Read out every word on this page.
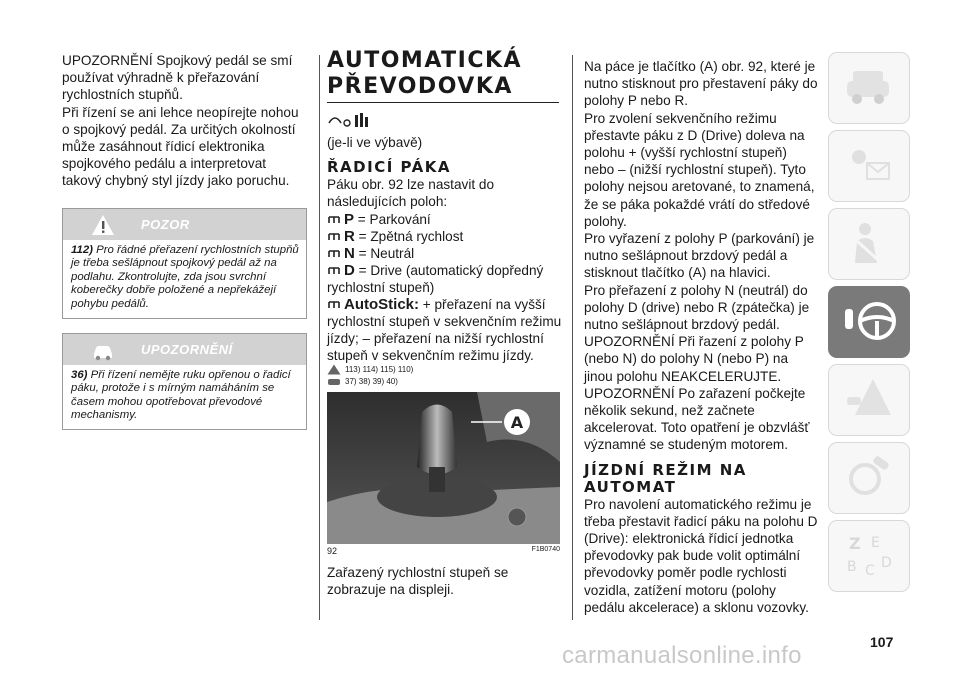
UPOZORNĚNÍ Spojkový pedál se smí používat výhradně k přeřazování rychlostních stupňů.

Při řízení se ani lehce neopírejte nohou o spojkový pedál. Za určitých okolností může zasáhnout řídicí elektronika spojkového pedálu a interpretovat takový chybný styl jízdy jako poruchu.

POZOR
112) Pro řádné přeřazení rychlostních stupňů je třeba sešlápnout spojkový pedál až na podlahu. Zkontrolujte, zda jsou svrchní koberečky dobře položené a nepřekážejí pohybu pedálů.
UPOZORNĚNÍ
36) Při řízení nemějte ruku opřenou o řadicí páku, protože i s mírným namáháním se časem mohou opotřebovat převodové mechanismy.
AUTOMATICKÁ PŘEVODOVKA

(je-li ve výbavě)

ŘADICÍ PÁKA

Páku obr. 92 lze nastavit do následujících poloh:

P = Parkování

R = Zpětná rychlost

N = Neutrál

D = Drive (automatický dopředný rychlostní stupeň)

AutoStick: + přeřazení na vyšší rychlostní stupeň v sekvenčním režimu jízdy; – přeřazení na nižší rychlostní stupeň v sekvenčním režimu jízdy.

113) 114) 115) 110)
37) 38) 39) 40)
A
92	F1B0740

Zařazený rychlostní stupeň se zobrazuje na displeji.

Na páce je tlačítko (A) obr. 92, které je nutno stisknout pro přestavení páky do polohy P nebo R.

Pro zvolení sekvenčního režimu přestavte páku z D (Drive) doleva na polohu + (vyšší rychlostní stupeň) nebo – (nižší rychlostní stupeň). Tyto polohy nejsou aretované, to znamená, že se páka pokaždé vrátí do středové polohy.

Pro vyřazení z polohy P (parkování) je nutno sešlápnout brzdový pedál a stisknout tlačítko (A) na hlavici.

Pro přeřazení z polohy N (neutrál) do polohy D (drive) nebo R (zpátečka) je nutno sešlápnout brzdový pedál.

UPOZORNĚNÍ Při řazení z polohy P (nebo N) do polohy N (nebo P) na jinou polohu NEAKCELERUJTE.

UPOZORNĚNÍ Po zařazení počkejte několik sekund, než začnete akcelerovat. Toto opatření je obzvlášť významné se studeným motorem.

JÍZDNÍ REŽIM NA AUTOMAT

Pro navolení automatického režimu je třeba přestavit řadicí páku na polohu D (Drive): elektronická řídicí jednotka převodovky pak bude volit optimální převodovky poměr podle rychlosti vozidla, zatížení motoru (polohy pedálu akcelerace) a sklonu vozovky.

Z E
B C D
107
carmanualsonline.info
